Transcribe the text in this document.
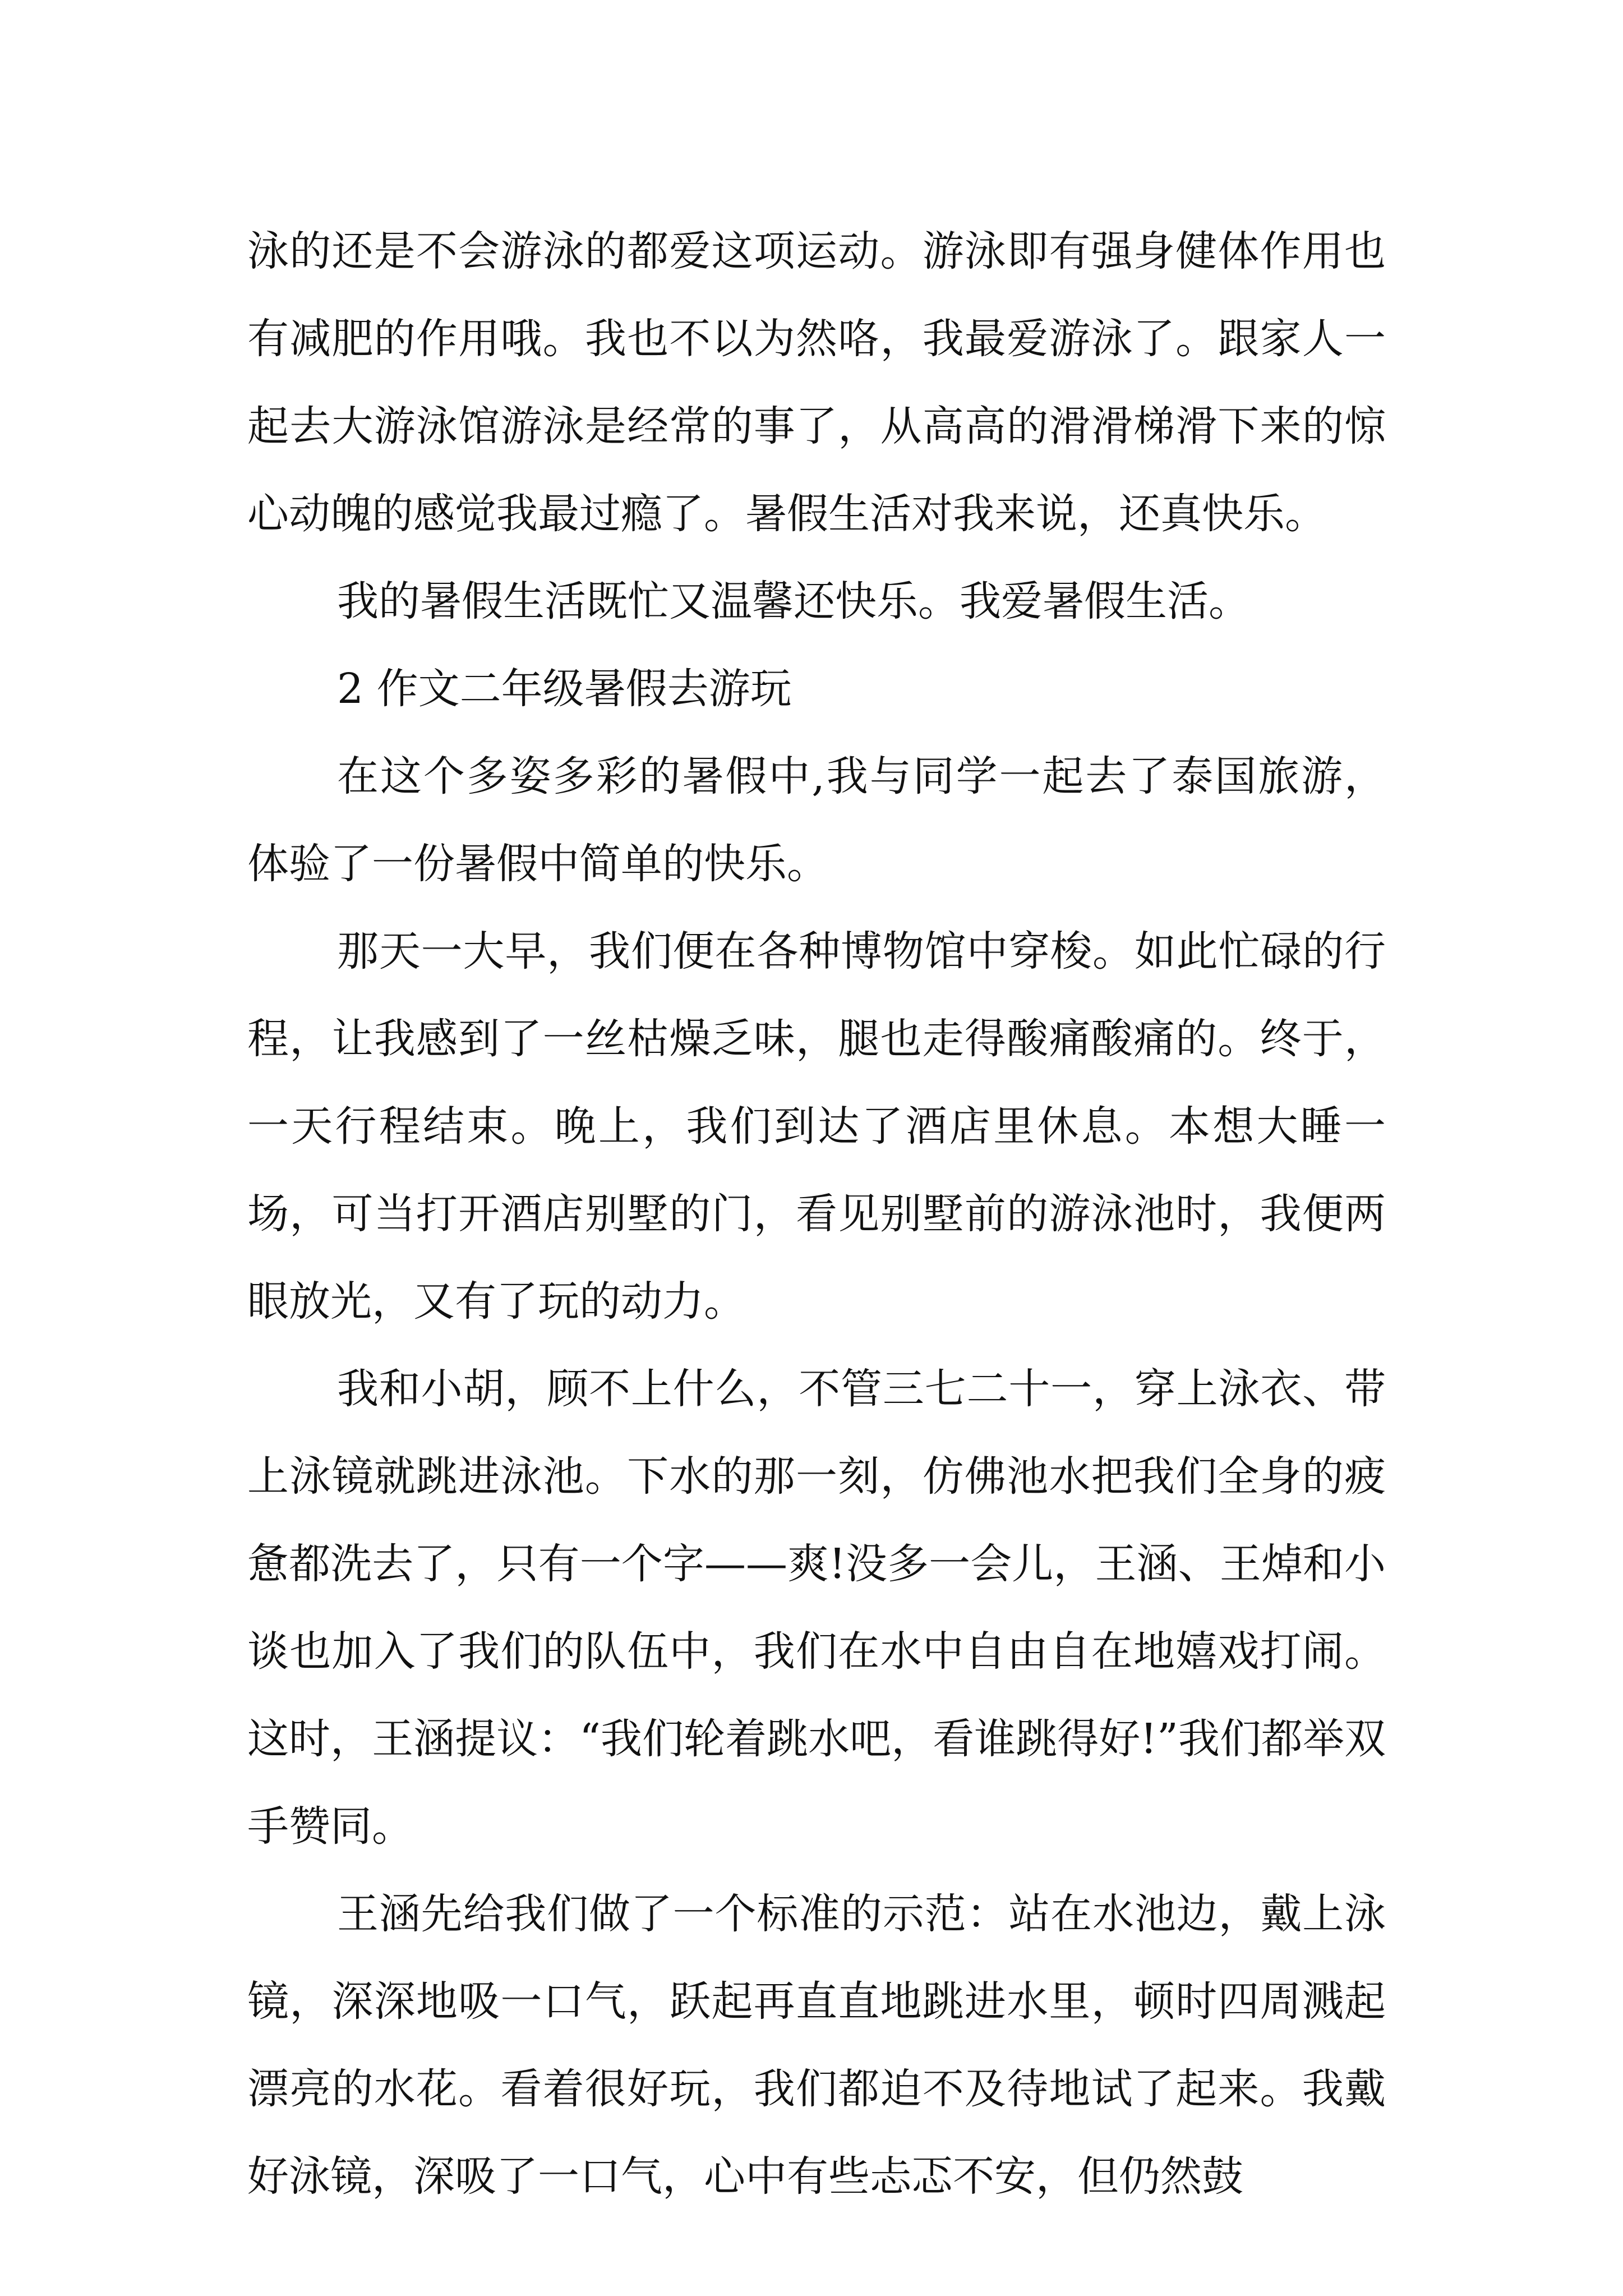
泳的还是不会游泳的都爱这项运动。游泳即有强身健体作用也有减肥的作用哦。我也不以为然咯，我最爱游泳了。跟家人一起去大游泳馆游泳是经常的事了，从高高的滑滑梯滑下来的惊心动魄的感觉我最过瘾了。暑假生活对我来说，还真快乐。

我的暑假生活既忙又温馨还快乐。我爱暑假生活。

2 作文二年级暑假去游玩

在这个多姿多彩的暑假中,我与同学一起去了泰国旅游，体验了一份暑假中简单的快乐。

那天一大早，我们便在各种博物馆中穿梭。如此忙碌的行程，让我感到了一丝枯燥乏味，腿也走得酸痛酸痛的。终于，一天行程结束。晚上，我们到达了酒店里休息。本想大睡一场，可当打开酒店别墅的门，看见别墅前的游泳池时，我便两眼放光，又有了玩的动力。

我和小胡，顾不上什么，不管三七二十一，穿上泳衣、带上泳镜就跳进泳池。下水的那一刻，仿佛池水把我们全身的疲惫都洗去了，只有一个字——爽!没多一会儿，王涵、王焯和小谈也加入了我们的队伍中，我们在水中自由自在地嬉戏打闹。这时，王涵提议：“我们轮着跳水吧，看谁跳得好!”我们都举双手赞同。

王涵先给我们做了一个标准的示范：站在水池边，戴上泳镜，深深地吸一口气，跃起再直直地跳进水里，顿时四周溅起漂亮的水花。看着很好玩，我们都迫不及待地试了起来。我戴好泳镜，深吸了一口气，心中有些忐忑不安，但仍然鼓
